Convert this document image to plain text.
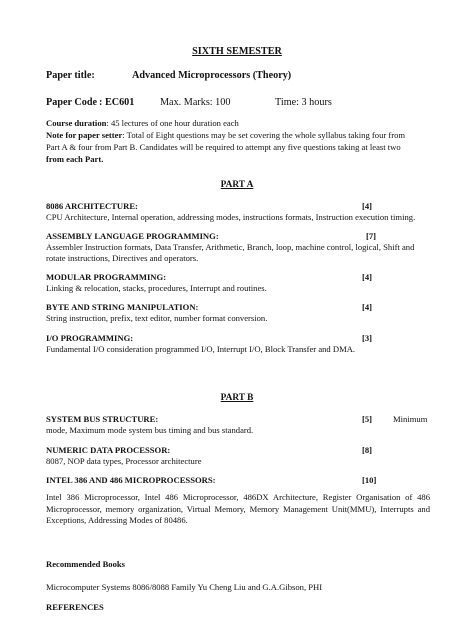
SIXTH SEMESTER
Paper title:	Advanced Microprocessors (Theory)
Paper Code : EC601	Max. Marks: 100	Time: 3 hours
Course duration: 45 lectures of one hour duration each
Note for paper setter: Total of Eight questions may be set covering the whole syllabus taking four from
Part A & four from Part B. Candidates will be required to attempt any five questions taking at least two
from each Part.
PART A
8086 ARCHITECTURE:	[4]
CPU Architecture, Internal operation, addressing modes, instructions formats, Instruction execution timing.
ASSEMBLY LANGUAGE PROGRAMMING:	[7]
Assembler Instruction formats, Data Transfer, Arithmetic, Branch, loop, machine control, logical, Shift and
rotate instructions, Directives and operators.
MODULAR PROGRAMMING:	[4]
Linking & relocation, stacks, procedures, Interrupt and routines.
BYTE AND STRING MANIPULATION:	[4]
String instruction, prefix, text editor, number format conversion.
I/O PROGRAMMING:	[3]
Fundamental I/O consideration programmed I/O, Interrupt I/O, Block Transfer and DMA.
PART B
SYSTEM BUS STRUCTURE:	[5] Minimum
mode, Maximum mode system bus timing and bus standard.
NUMERIC DATA PROCESSOR:	[8]
8087, NOP data types, Processor architecture
INTEL 386 AND 486 MICROPROCESSORS:	[10]
Intel 386 Microprocessor, Intel 486 Microprocessor, 486DX Architecture, Register Organisation of 486 Microprocessor, memory organization, Virtual Memory, Memory Management Unit(MMU), Interrupts and Exceptions, Addressing Modes of 80486.
Recommended Books
Microcomputer Systems 8086/8088 Family Yu Cheng Liu and G.A.Gibson, PHI
REFERENCES
